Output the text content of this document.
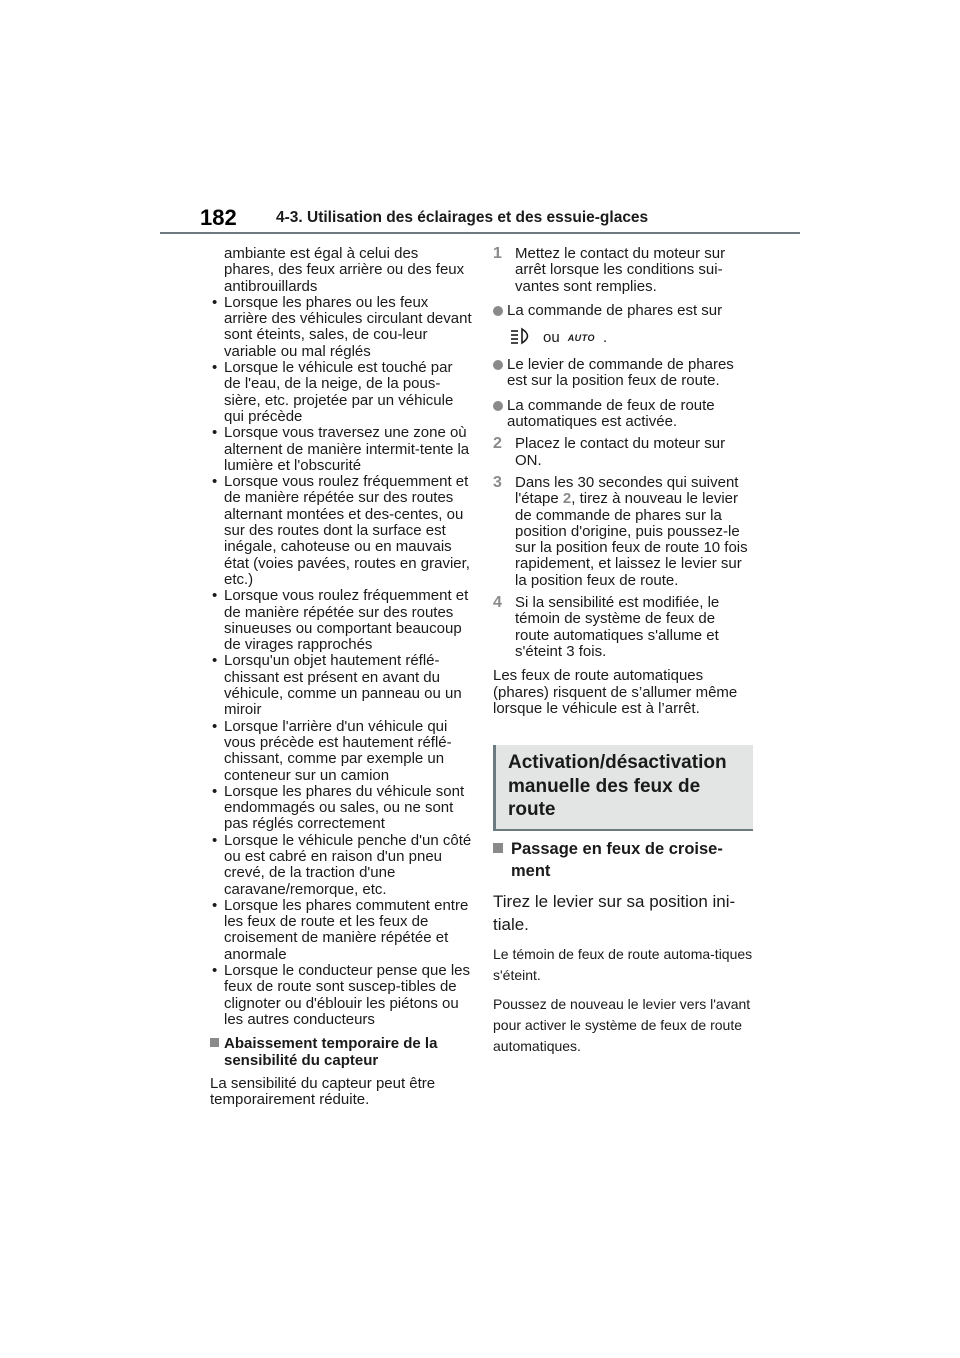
182	4-3. Utilisation des éclairages et des essuie-glaces
ambiante est égal à celui des phares, des feux arrière ou des feux antibrouillards
• Lorsque les phares ou les feux arrière des véhicules circulant devant sont éteints, sales, de cou-leur variable ou mal réglés
• Lorsque le véhicule est touché par de l'eau, de la neige, de la pous-sière, etc. projetée par un véhicule qui précède
• Lorsque vous traversez une zone où alternent de manière intermit-tente la lumière et l'obscurité
• Lorsque vous roulez fréquemment et de manière répétée sur des routes alternant montées et des-centes, ou sur des routes dont la surface est inégale, cahoteuse ou en mauvais état (voies pavées, routes en gravier, etc.)
• Lorsque vous roulez fréquemment et de manière répétée sur des routes sinueuses ou comportant beaucoup de virages rapprochés
• Lorsqu'un objet hautement réflé-chissant est présent en avant du véhicule, comme un panneau ou un miroir
• Lorsque l'arrière d'un véhicule qui vous précède est hautement réflé-chissant, comme par exemple un conteneur sur un camion
• Lorsque les phares du véhicule sont endommagés ou sales, ou ne sont pas réglés correctement
• Lorsque le véhicule penche d'un côté ou est cabré en raison d'un pneu crevé, de la traction d'une caravane/remorque, etc.
• Lorsque les phares commutent entre les feux de route et les feux de croisement de manière répétée et anormale
• Lorsque le conducteur pense que les feux de route sont suscep-tibles de clignoter ou d'éblouir les piétons ou les autres conducteurs
Abaissement temporaire de la sensibilité du capteur
La sensibilité du capteur peut être temporairement réduite.
1 Mettez le contact du moteur sur arrêt lorsque les conditions sui-vantes sont remplies.
La commande de phares est sur
ou AUTO .
Le levier de commande de phares est sur la position feux de route.
La commande de feux de route automatiques est activée.
2 Placez le contact du moteur sur ON.
3 Dans les 30 secondes qui suivent l'étape 2, tirez à nouveau le levier de commande de phares sur la position d'origine, puis poussez-le sur la position feux de route 10 fois rapidement, et laissez le levier sur la position feux de route.
4 Si la sensibilité est modifiée, le témoin de système de feux de route automatiques s'allume et s'éteint 3 fois.
Les feux de route automatiques (phares) risquent de s’allumer même lorsque le véhicule est à l’arrêt.
Activation/désactivation manuelle des feux de route
Passage en feux de croise-ment
Tirez le levier sur sa position ini-tiale.
Le témoin de feux de route automa-tiques s'éteint.
Poussez de nouveau le levier vers l'avant pour activer le système de feux de route automatiques.
